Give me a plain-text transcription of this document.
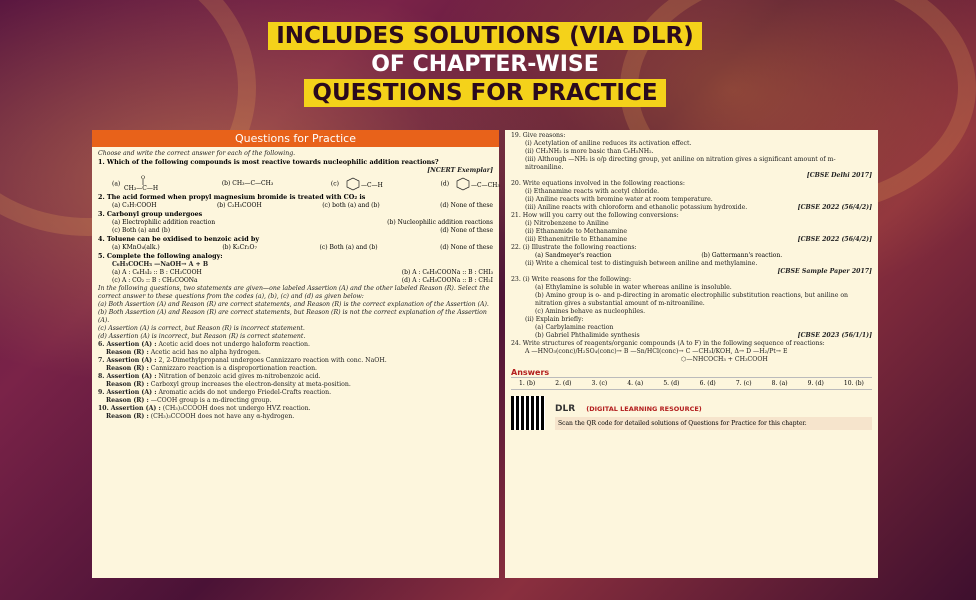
INCLUDES SOLUTIONS (VIA DLR)
OF CHAPTER-WISE
QUESTIONS FOR PRACTICE
Questions for Practice
Choose and write the correct answer for each of the following.
1. Which of the following compounds is most reactive towards nucleophilic addition reactions?
[NCERT Exemplar]
(a)
CH₃—C—H
O
(b) CH₃—C—CH₃	(c)	—C—H	(d)	—C—CH₃
2. The acid formed when propyl magnesium bromide is treated with CO₂ is
(a) C₃H₇COOH	(b) C₂H₅COOH	(c) both (a) and (b)	(d) None of these
3. Carbonyl group undergoes
(a) Electrophilic addition reaction	(b) Nucleophilic addition reactions
(c) Both (a) and (b)	(d) None of these
4. Toluene can be oxidised to benzoic acid by
(a) KMnO₄(alk.)	(b) K₂Cr₂O₇	(c) Both (a) and (b)	(d) None of these
5. Complete the following analogy:
C₆H₅COCH₃ —NaOH→ A + B
(a) A : C₆H₅I₂ :: B : CH₃COOH	(b) A : C₆H₅COONa :: B : CHI₃
(c) A : CO₂ :: B : CH₃COONa	(d) A : C₆H₅COONa :: B : CH₂I
In the following questions, two statements are given—one labeled Assertion (A) and the other labeled Reason (R). Select the correct answer to these questions from the codes (a), (b), (c) and (d) as given below:
(a) Both Assertion (A) and Reason (R) are correct statements, and Reason (R) is the correct explanation of the Assertion (A).
(b) Both Assertion (A) and Reason (R) are correct statements, but Reason (R) is not the correct explanation of the Assertion (A).
(c) Assertion (A) is correct, but Reason (R) is incorrect statement.
(d) Assertion (A) is incorrect, but Reason (R) is correct statement.
6. Assertion (A) : Acetic acid does not undergo haloform reaction.
Reason (R) : Acetic acid has no alpha hydrogen.
7. Assertion (A) : 2, 2-Dimethylpropanal undergoes Cannizzaro reaction with conc. NaOH.
Reason (R) : Cannizzaro reaction is a disproportionation reaction.
8. Assertion (A) : Nitration of benzoic acid gives m-nitrobenzoic acid.
Reason (R) : Carboxyl group increases the electron-density at meta-position.
9. Assertion (A) : Aromatic acids do not undergo Friedel-Crafts reaction.
Reason (R) : —COOH group is a m-directing group.
10. Assertion (A) : (CH₃)₃CCOOH does not undergo HVZ reaction.
Reason (R) : (CH₃)₃CCOOH does not have any α-hydrogen.
19. Give reasons:
(i) Acetylation of aniline reduces its activation effect.
(ii) CH₃NH₂ is more basic than C₆H₅NH₂.
(iii) Although —NH₂ is o/p directing group, yet aniline on nitration gives a significant amount of m-nitroaniline.
[CBSE Delhi 2017]
20. Write equations involved in the following reactions:
(i) Ethanamine reacts with acetyl chloride.
(ii) Aniline reacts with bromine water at room temperature.
(iii) Aniline reacts with chloroform and ethanolic potassium hydroxide.	[CBSE 2022 (56/4/2)]
21. How will you carry out the following conversions:
(i) Nitrobenzene to Aniline
(ii) Ethanamide to Methanamine
(iii) Ethanenitrile to Ethanamine	[CBSE 2022 (56/4/2)]
22. (i) Illustrate the following reactions:
(a) Sandmeyer's reaction	(b) Gattermann's reaction.
(ii) Write a chemical test to distinguish between aniline and methylamine.
[CBSE Sample Paper 2017]
23. (i) Write reasons for the following:
(a) Ethylamine is soluble in water whereas aniline is insoluble.
(b) Amino group is o- and p-directing in aromatic electrophilic substitution reactions, but aniline on nitration gives a substantial amount of m-nitroaniline.
(c) Amines behave as nucleophiles.
(ii) Explain briefly:
(a) Carbylamine reaction
(b) Gabriel Phthalimide synthesis	[CBSE 2023 (56/1/1)]
24. Write structures of reagents/organic compounds (A to F) in the following sequence of reactions:
A —HNO₃(conc)/H₂SO₄(conc)→ B —Sn/HCl(conc)→ C —CH₃I/KOH, Δ→ D —H₂/Pt→ E
⬡—NHCOCH₃ + CH₃COOH
Answers
1. (b)	2. (d)	3. (c)	4. (a)	5. (d)	6. (d)	7. (c)	8. (a)	9. (d)	10. (b)
DLR (DIGITAL LEARNING RESOURCE)
Scan the QR code for detailed solutions of Questions for Practice for this chapter.
